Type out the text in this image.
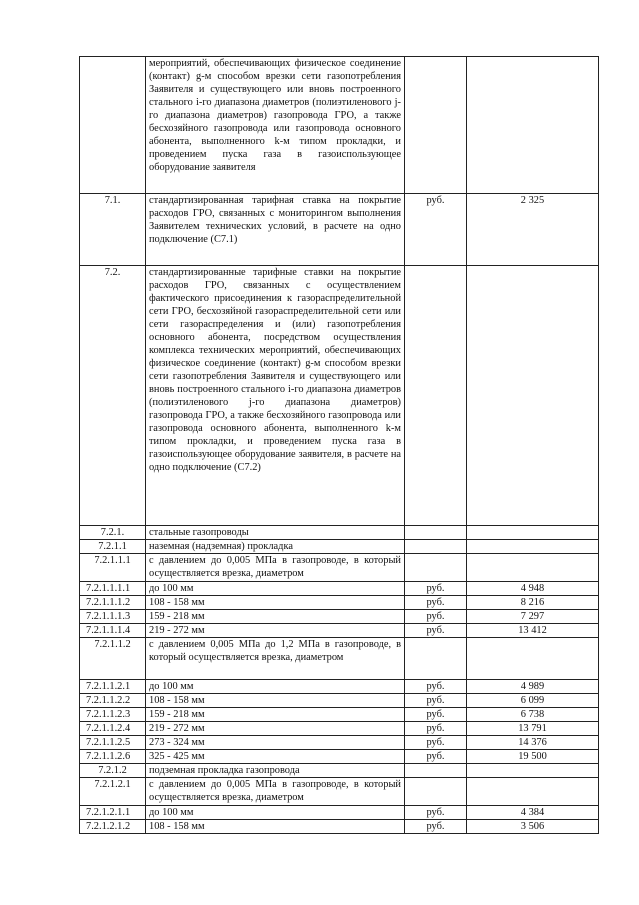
	мероприятий, обеспечивающих физическое соединение (контакт) g-м способом врезки сети газопотребления Заявителя и существующего или вновь построенного стального i-го диапазона диаметров (полиэтиленового j-го диапазона диаметров) газопровода ГРО, а также бесхозяйного газопровода или газопровода основного абонента, выполненного k-м типом прокладки, и проведением пуска газа в газоиспользующее оборудование заявителя		
7.1.	стандартизированная тарифная ставка на покрытие расходов ГРО, связанных с мониторингом выполнения Заявителем технических условий, в расчете на одно подключение (С7.1)	руб.	2 325
7.2.	стандартизированные тарифные ставки на покрытие расходов ГРО, связанных с осуществлением фактического присоединения к газораспределительной сети ГРО, бесхозяйной газораспределительной сети или сети газораспределения и (или) газопотребления основного абонента, посредством осуществления комплекса технических мероприятий, обеспечивающих физическое соединение (контакт) g-м способом врезки сети газопотребления Заявителя и существующего или вновь построенного стального i-го диапазона диаметров (полиэтиленового j-го диапазона диаметров) газопровода ГРО, а также бесхозяйного газопровода или газопровода основного абонента, выполненного k-м типом прокладки, и проведением пуска газа в газоиспользующее оборудование заявителя, в расчете на одно подключение (С7.2)		
7.2.1.	стальные газопроводы		
7.2.1.1	наземная (надземная) прокладка		
7.2.1.1.1	с давлением до 0,005 МПа в газопроводе, в который осуществляется врезка, диаметром		
7.2.1.1.1.1	до 100 мм	руб.	4 948
7.2.1.1.1.2	108 - 158 мм	руб.	8 216
7.2.1.1.1.3	159 - 218 мм	руб.	7 297
7.2.1.1.1.4	219 - 272 мм	руб.	13 412
7.2.1.1.2	с давлением 0,005 МПа до 1,2 МПа в газопроводе, в который осуществляется врезка, диаметром		
7.2.1.1.2.1	до 100 мм	руб.	4 989
7.2.1.1.2.2	108 - 158 мм	руб.	6 099
7.2.1.1.2.3	159 - 218 мм	руб.	6 738
7.2.1.1.2.4	219 - 272 мм	руб.	13 791
7.2.1.1.2.5	273 - 324 мм	руб.	14 376
7.2.1.1.2.6	325 - 425 мм	руб.	19 500
7.2.1.2	подземная прокладка газопровода		
7.2.1.2.1	с давлением до 0,005 МПа в газопроводе, в который осуществляется врезка, диаметром		
7.2.1.2.1.1	до 100 мм	руб.	4 384
7.2.1.2.1.2	108 - 158 мм	руб.	3 506
